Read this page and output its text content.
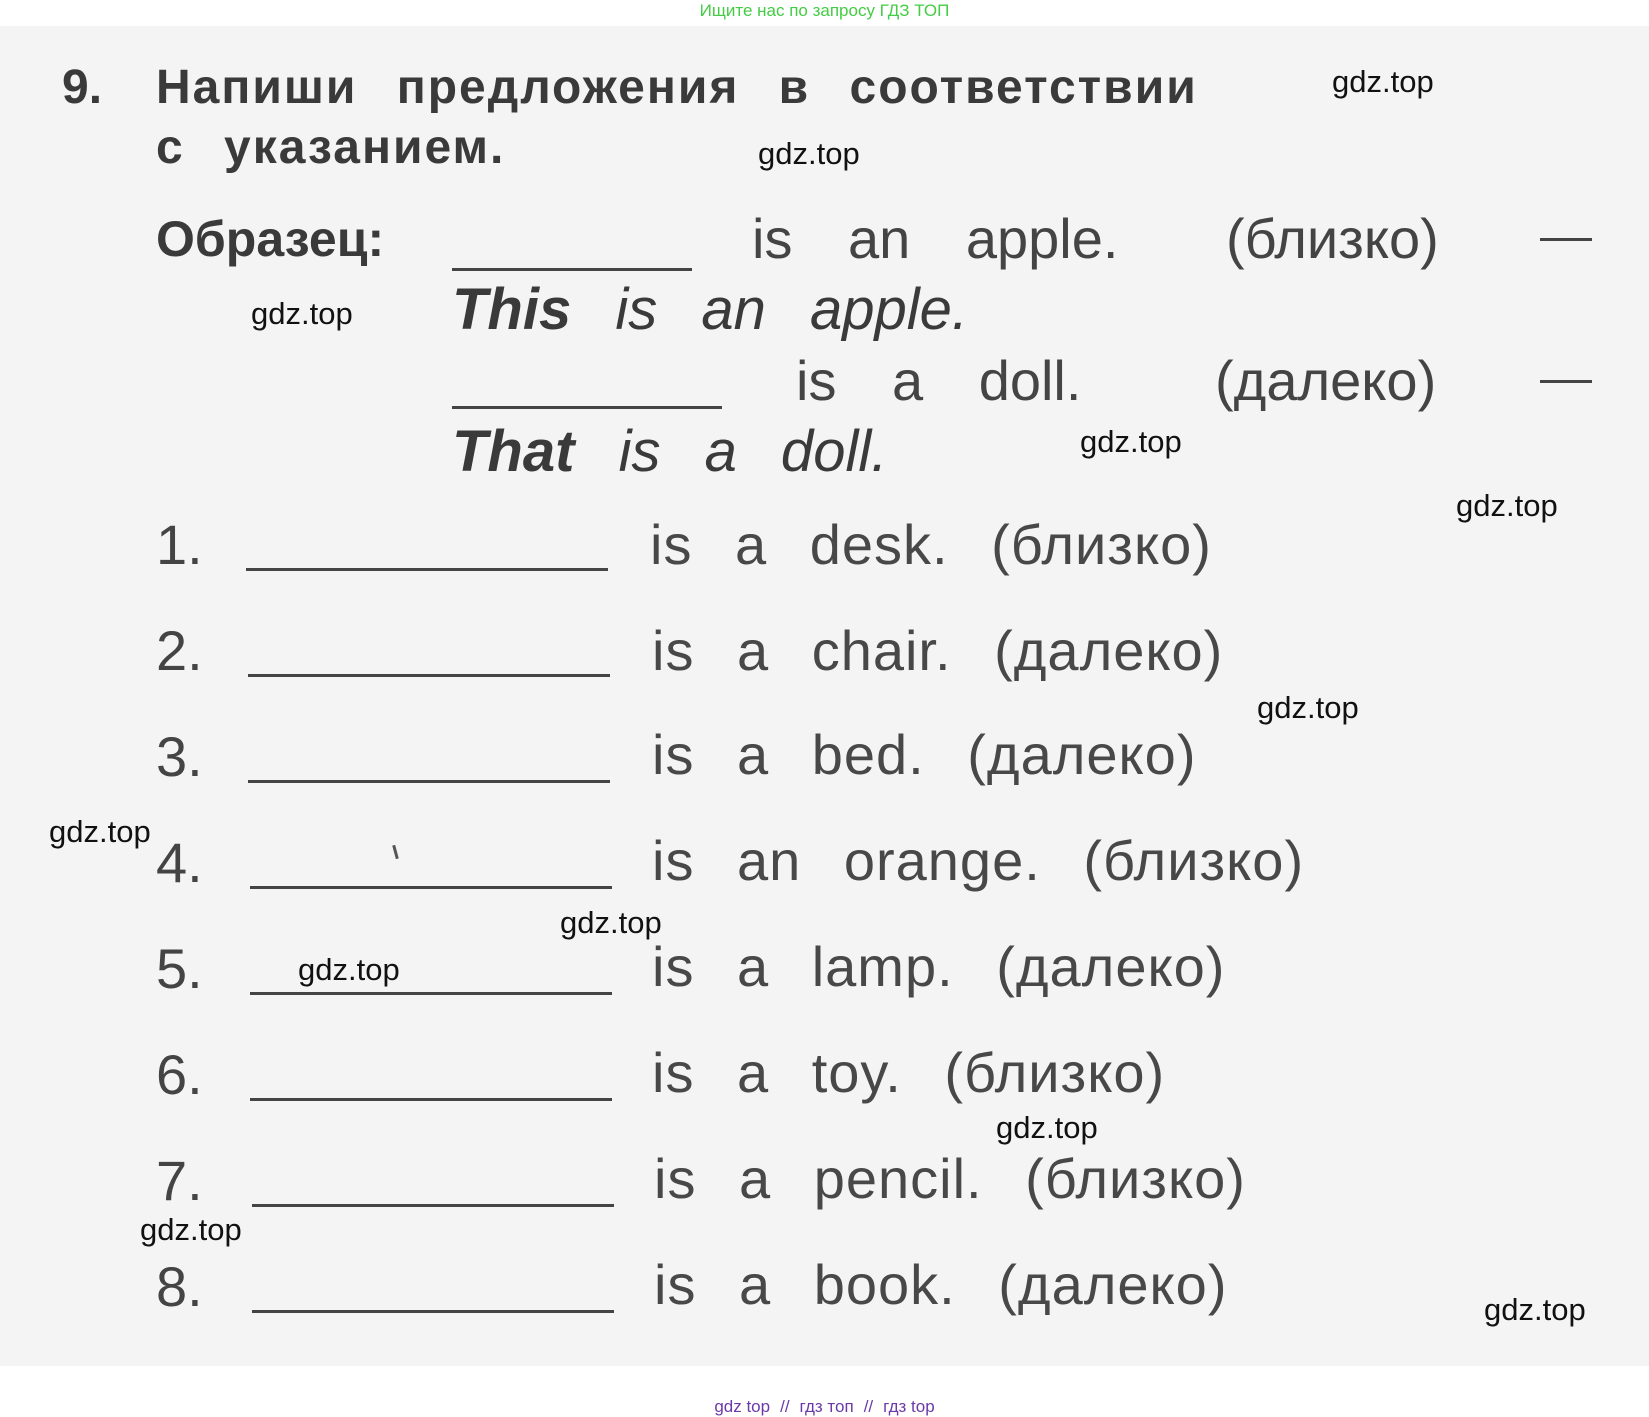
Ищите нас по запросу ГДЗ ТОП
9. Напиши предложения в соответствии
с указанием.
Образец:	is an apple. (близко)
This is an apple.
is a doll. (далеко)
That is a doll.
1.	is a desk. (близко)
2.	is a chair. (далеко)
3.	is a bed. (далеко)
4.	is an orange. (близко)
5.	is a lamp. (далеко)
6.	is a toy. (близко)
7.	is a pencil. (близко)
8.	is a book. (далеко)
gdz.top
gdz.top
gdz.top
gdz.top
gdz.top
gdz.top
gdz.top
gdz.top
gdz.top
gdz.top
gdz.top
gdz.top
gdz top // гдз топ // гдз top
